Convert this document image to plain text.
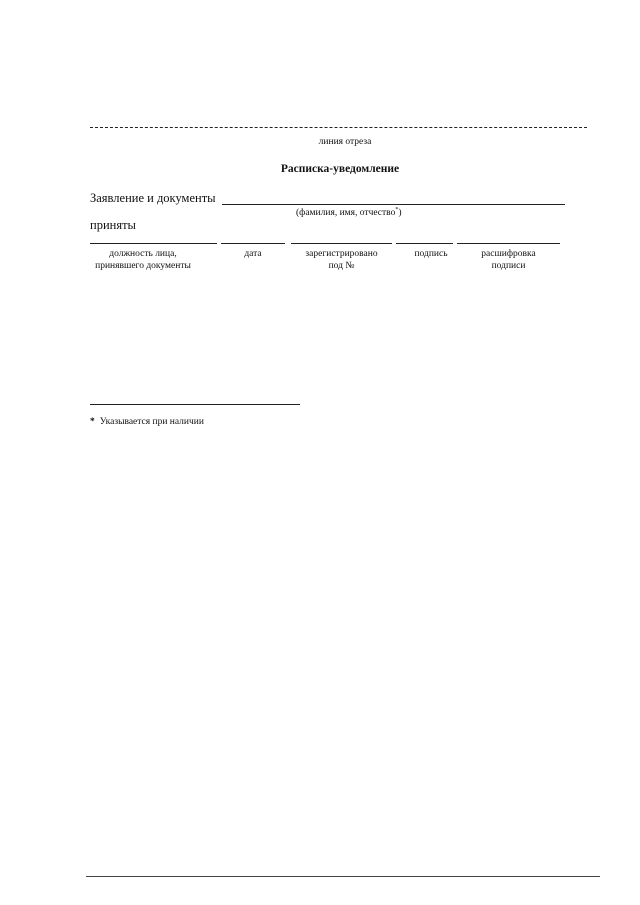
линия отреза
Расписка-уведомление
Заявление и документы
(фамилия, имя, отчество*)
приняты
должность лица,
принявшего документы
дата	зарегистрировано
под №
подпись	расшифровка
подписи
* Указывается при наличии
